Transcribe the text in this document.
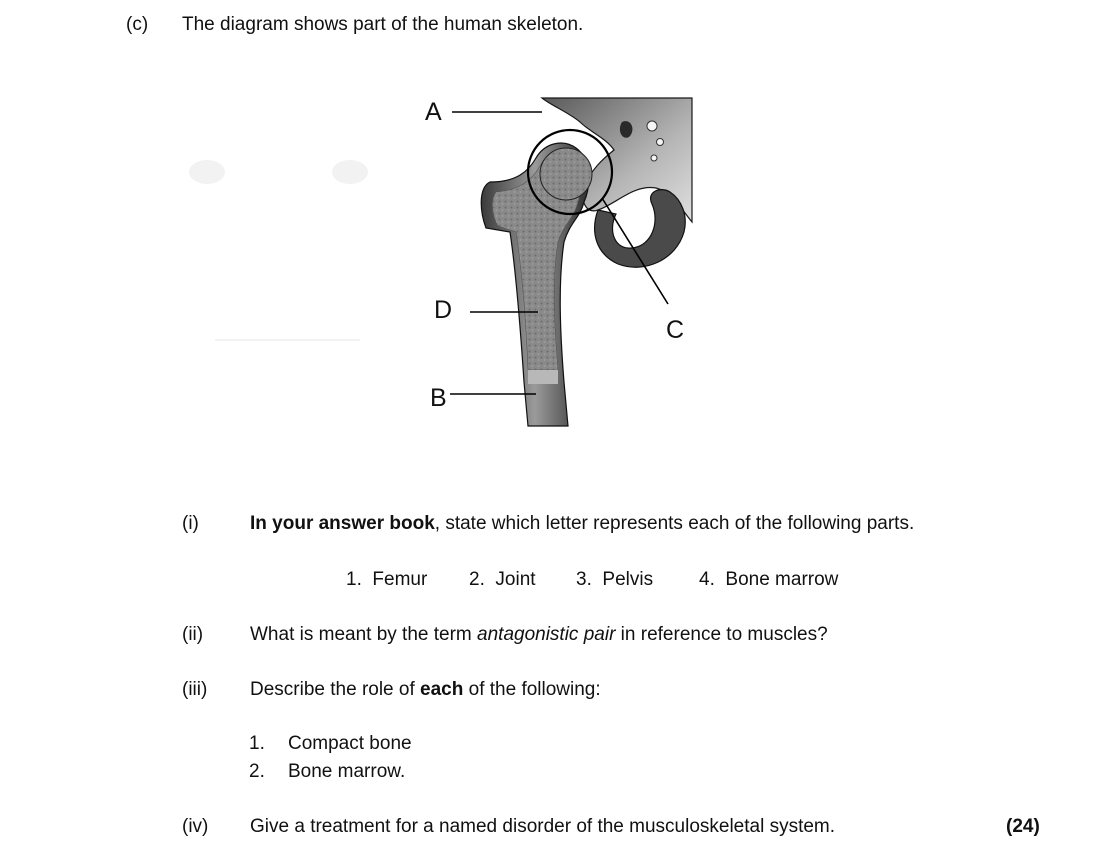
(c) The diagram shows part of the human skeleton.
A
D
B
C
(i)	In your answer book, state which letter represents each of the following parts.
1.  Femur 2.  Joint 3.  Pelvis 4.  Bone marrow
(ii) What is meant by the term antagonistic pair in reference to muscles?
(iii) Describe the role of each of the following:
1. Compact bone
2. Bone marrow.
(iv) Give a treatment for a named disorder of the musculoskeletal system.	(24)
